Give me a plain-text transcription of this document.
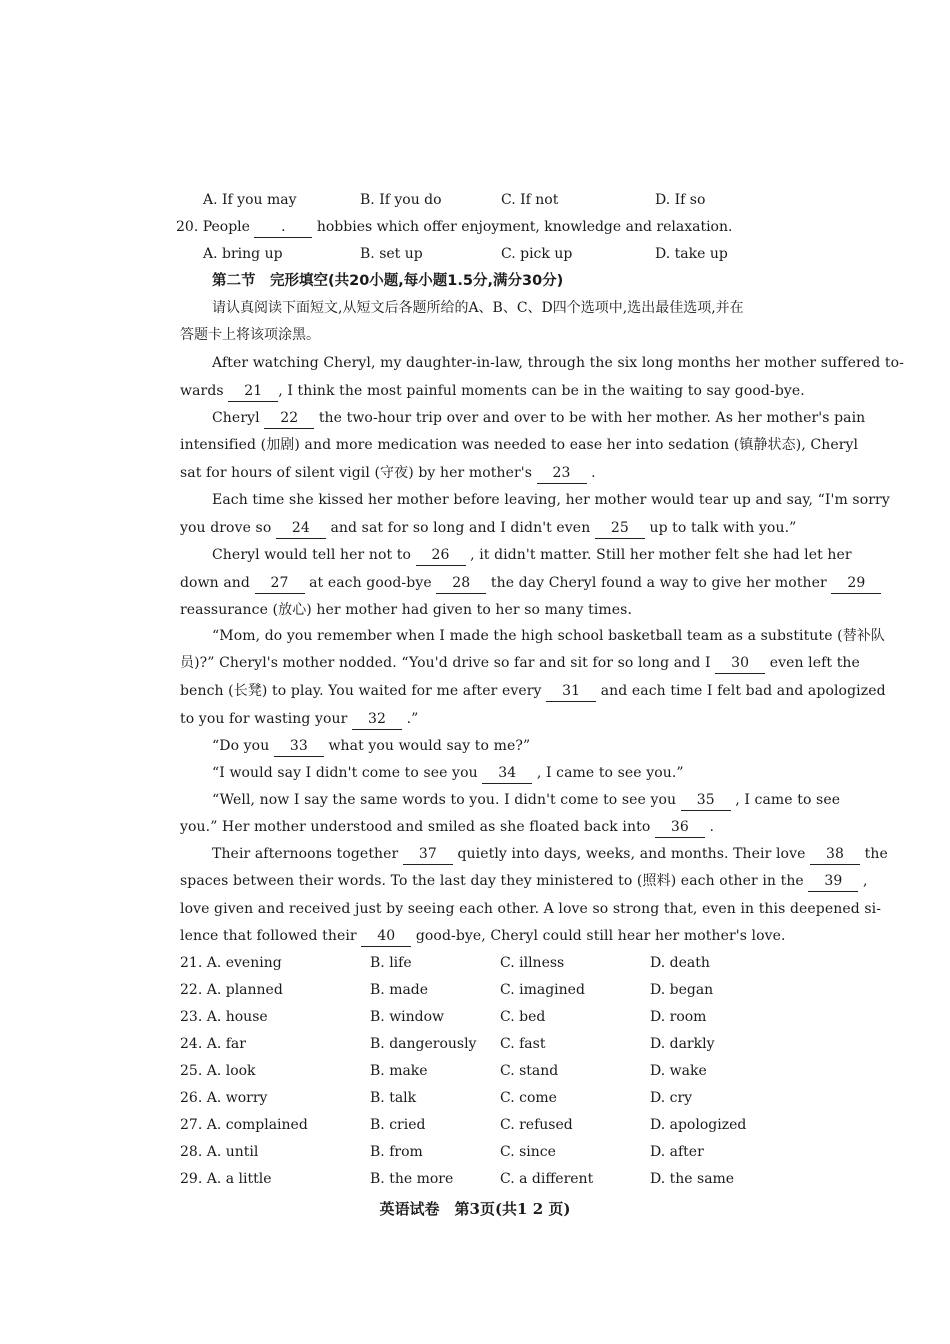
A. If you may	B. If you do	C. If not	D. If so
20. People . hobbies which offer enjoyment, knowledge and relaxation.
A. bring up	B. set up	C. pick up	D. take up
第二节　完形填空(共20小题,每小题1.5分,满分30分)
请认真阅读下面短文,从短文后各题所给的A、B、C、D四个选项中,选出最佳选项,并在
答题卡上将该项涂黑。
After watching Cheryl, my daughter-in-law, through the six long months her mother suffered to-
wards 21 , I think the most painful moments can be in the waiting to say good-bye.
Cheryl 22 the two-hour trip over and over to be with her mother. As her mother's pain
intensified (加剧) and more medication was needed to ease her into sedation (镇静状态), Cheryl
sat for hours of silent vigil (守夜) by her mother's 23 .
Each time she kissed her mother before leaving, her mother would tear up and say, “I'm sorry
you drove so 24 and sat for so long and I didn't even 25 up to talk with you.”
Cheryl would tell her not to 26 , it didn't matter. Still her mother felt she had let her
down and 27 at each good-bye 28 the day Cheryl found a way to give her mother 29
reassurance (放心) her mother had given to her so many times.
“Mom, do you remember when I made the high school basketball team as a substitute (替补队
员)?” Cheryl's mother nodded. “You'd drive so far and sit for so long and I 30 even left the
bench (长凳) to play. You waited for me after every 31 and each time I felt bad and apologized
to you for wasting your 32 .”
“Do you 33 what you would say to me?”
“I would say I didn't come to see you 34 , I came to see you.”
“Well, now I say the same words to you. I didn't come to see you 35 , I came to see
you.” Her mother understood and smiled as she floated back into 36 .
Their afternoons together 37 quietly into days, weeks, and months. Their love 38 the
spaces between their words. To the last day they ministered to (照料) each other in the 39 ,
love given and received just by seeing each other. A love so strong that, even in this deepened si-
lence that followed their 40 good-bye, Cheryl could still hear her mother's love.
21. A. evening	B. life	C. illness	D. death
22. A. planned	B. made	C. imagined	D. began
23. A. house	B. window	C. bed	D. room
24. A. far	B. dangerously C. fast	D. darkly
25. A. look	B. make	C. stand	D. wake
26. A. worry	B. talk	C. come	D. cry
27. A. complained	B. cried	C. refused	D. apologized
28. A. until	B. from	C. since	D. after
29. A. a little	B. the more	C. a different	D. the same
英语试卷　第3页(共1 2 页)
